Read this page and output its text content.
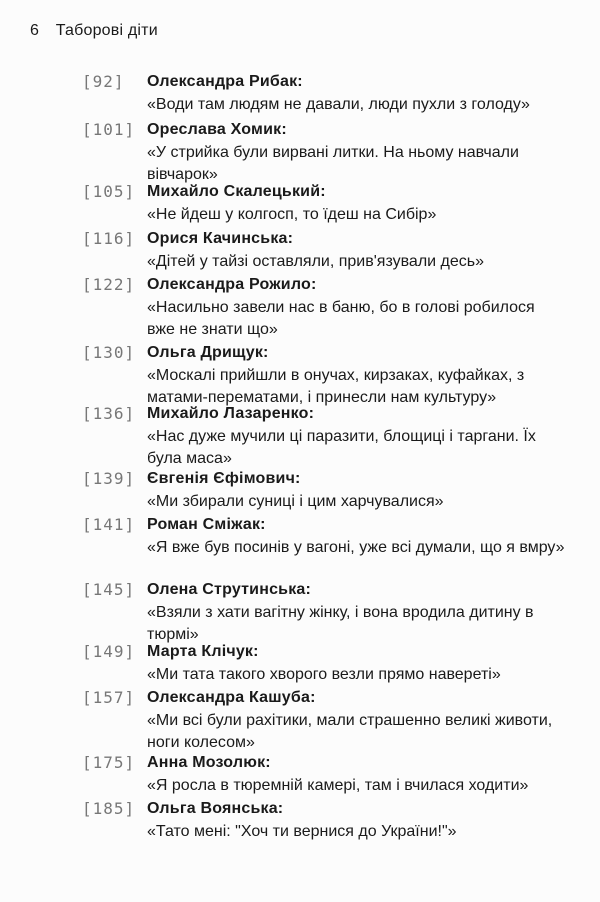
6 Таборові діти
[92]	Олександра Рибак:
«Води там людям не давали, люди пухли з голоду»
[101] Ореслава Хомик:
«У стрийка були вирвані литки. На ньому навчали вівчарок»
[105] Михайло Скалецький:
«Не йдеш у колгосп, то їдеш на Сибір»
[116] Орися Качинська:
«Дітей у тайзі оставляли, прив'язували десь»
[122] Олександра Рожило:
«Насильно завели нас в баню, бо в голові робилося вже не знати що»
[130] Ольга Дрищук:
«Москалі прийшли в онучах, кирзаках, куфайках, з матами-перематами, і принесли нам культуру»
[136] Михайло Лазаренко:
«Нас дуже мучили ці паразити, блощиці і таргани. Їх була маса»
[139] Євгенія Єфімович:
«Ми збирали суниці і цим харчувалися»
[141] Роман Сміжак:
«Я вже був посинів у вагоні, уже всі думали, що я вмру»
[145] Олена Струтинська:
«Взяли з хати вагітну жінку, і вона вродила дитину в тюрмі»
[149] Марта Клічук:
«Ми тата такого хворого везли прямо навереті»
[157] Олександра Кашуба:
«Ми всі були рахітики, мали страшенно великі животи, ноги колесом»
[175] Анна Мозолюк:
«Я росла в тюремній камері, там і вчилася ходити»
[185] Ольга Воянська:
«Тато мені: "Хоч ти вернися до України!"»
